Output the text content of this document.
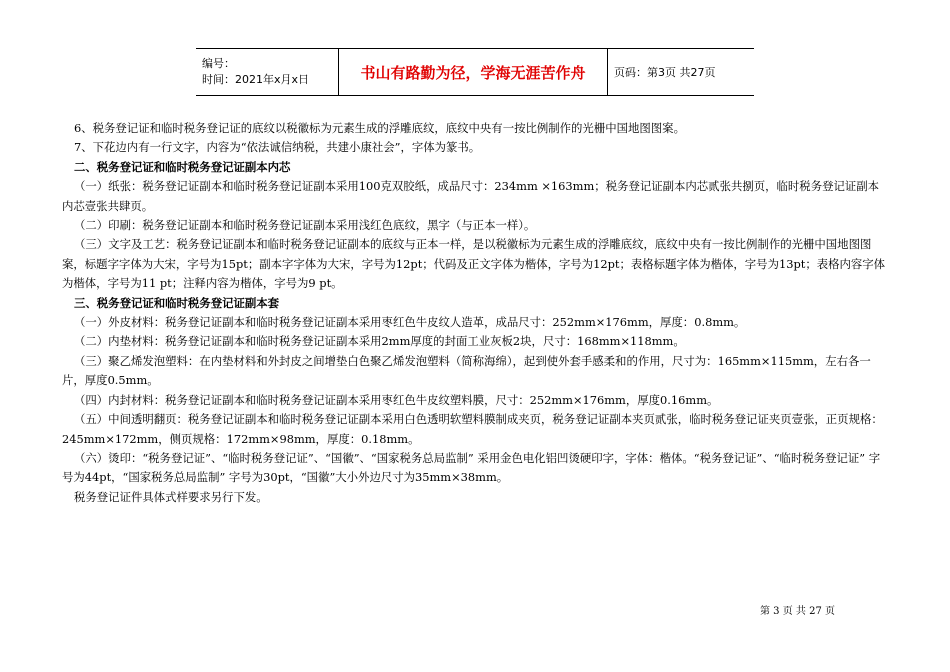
编号：
时间：2021年x月x日	书山有路勤为径，学海无涯苦作舟	页码：第3页 共27页

6、税务登记证和临时税务登记证的底纹以税徽标为元素生成的浮雕底纹，底纹中央有一按比例制作的光栅中国地图图案。

7、下花边内有一行文字，内容为“依法诚信纳税，共建小康社会”，字体为篆书。

二、税务登记证和临时税务登记证副本内芯

（一）纸张：税务登记证副本和临时税务登记证副本采用100克双胶纸，成品尺寸：234mm ×163mm；税务登记证副本内芯贰张共捌页，临时税务登记证副本内芯壹张共肆页。

（二）印刷：税务登记证副本和临时税务登记证副本采用浅红色底纹，黑字（与正本一样）。

（三）文字及工艺：税务登记证副本和临时税务登记证副本的底纹与正本一样，是以税徽标为元素生成的浮雕底纹，底纹中央有一按比例制作的光栅中国地图图案，标题字字体为大宋，字号为15pt；副本字字体为大宋，字号为12pt；代码及正文字体为楷体，字号为12pt；表格标题字体为楷体，字号为13pt；表格内容字体为楷体，字号为11 pt；注释内容为楷体，字号为9 pt。

三、税务登记证和临时税务登记证副本套

（一）外皮材料：税务登记证副本和临时税务登记证副本采用枣红色牛皮纹人造革，成品尺寸：252mm×176mm，厚度：0.8mm。

（二）内垫材料：税务登记证副本和临时税务登记证副本采用2mm厚度的封面工业灰板2块，尺寸：168mm×118mm。

（三）聚乙烯发泡塑料：在内垫材料和外封皮之间增垫白色聚乙烯发泡塑料（简称海绵），起到使外套手感柔和的作用，尺寸为：165mm×115mm，左右各一片，厚度0.5mm。

（四）内封材料：税务登记证副本和临时税务登记证副本采用枣红色牛皮纹塑料膜，尺寸：252mm×176mm，厚度0.16mm。

（五）中间透明翻页：税务登记证副本和临时税务登记证副本采用白色透明软塑料膜制成夹页，税务登记证副本夹页贰张，临时税务登记证夹页壹张，正页规格：245mm×172mm，侧页规格：172mm×98mm，厚度：0.18mm。

（六）烫印：“税务登记证”、“临时税务登记证”、“国徽”、“国家税务总局监制” 采用金色电化铝凹烫硬印字，字体：楷体。“税务登记证”、“临时税务登记证” 字号为44pt，“国家税务总局监制” 字号为30pt，“国徽”大小外边尺寸为35mm×38mm。

税务登记证件具体式样要求另行下发。

第 3 页 共 27 页
